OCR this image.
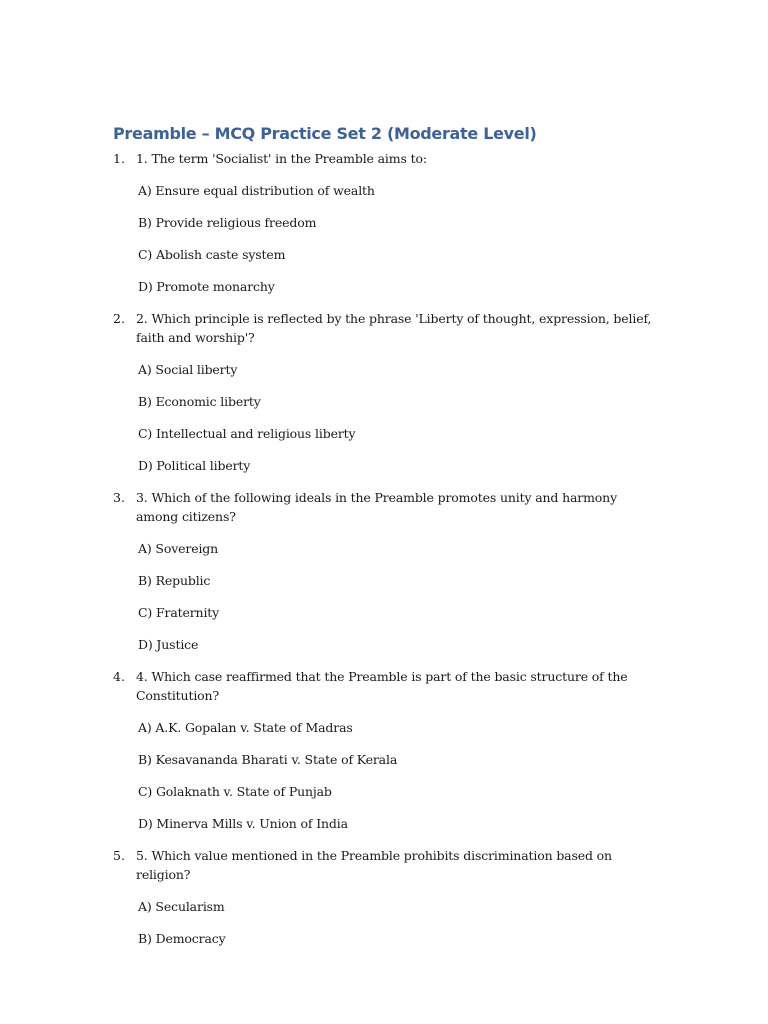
Preamble – MCQ Practice Set 2 (Moderate Level)
1. 1. The term 'Socialist' in the Preamble aims to:
A) Ensure equal distribution of wealth
B) Provide religious freedom
C) Abolish caste system
D) Promote monarchy
2. 2. Which principle is reflected by the phrase 'Liberty of thought, expression, belief, faith and worship'?
A) Social liberty
B) Economic liberty
C) Intellectual and religious liberty
D) Political liberty
3. 3. Which of the following ideals in the Preamble promotes unity and harmony among citizens?
A) Sovereign
B) Republic
C) Fraternity
D) Justice
4. 4. Which case reaffirmed that the Preamble is part of the basic structure of the Constitution?
A) A.K. Gopalan v. State of Madras
B) Kesavananda Bharati v. State of Kerala
C) Golaknath v. State of Punjab
D) Minerva Mills v. Union of India
5. 5. Which value mentioned in the Preamble prohibits discrimination based on religion?
A) Secularism
B) Democracy
